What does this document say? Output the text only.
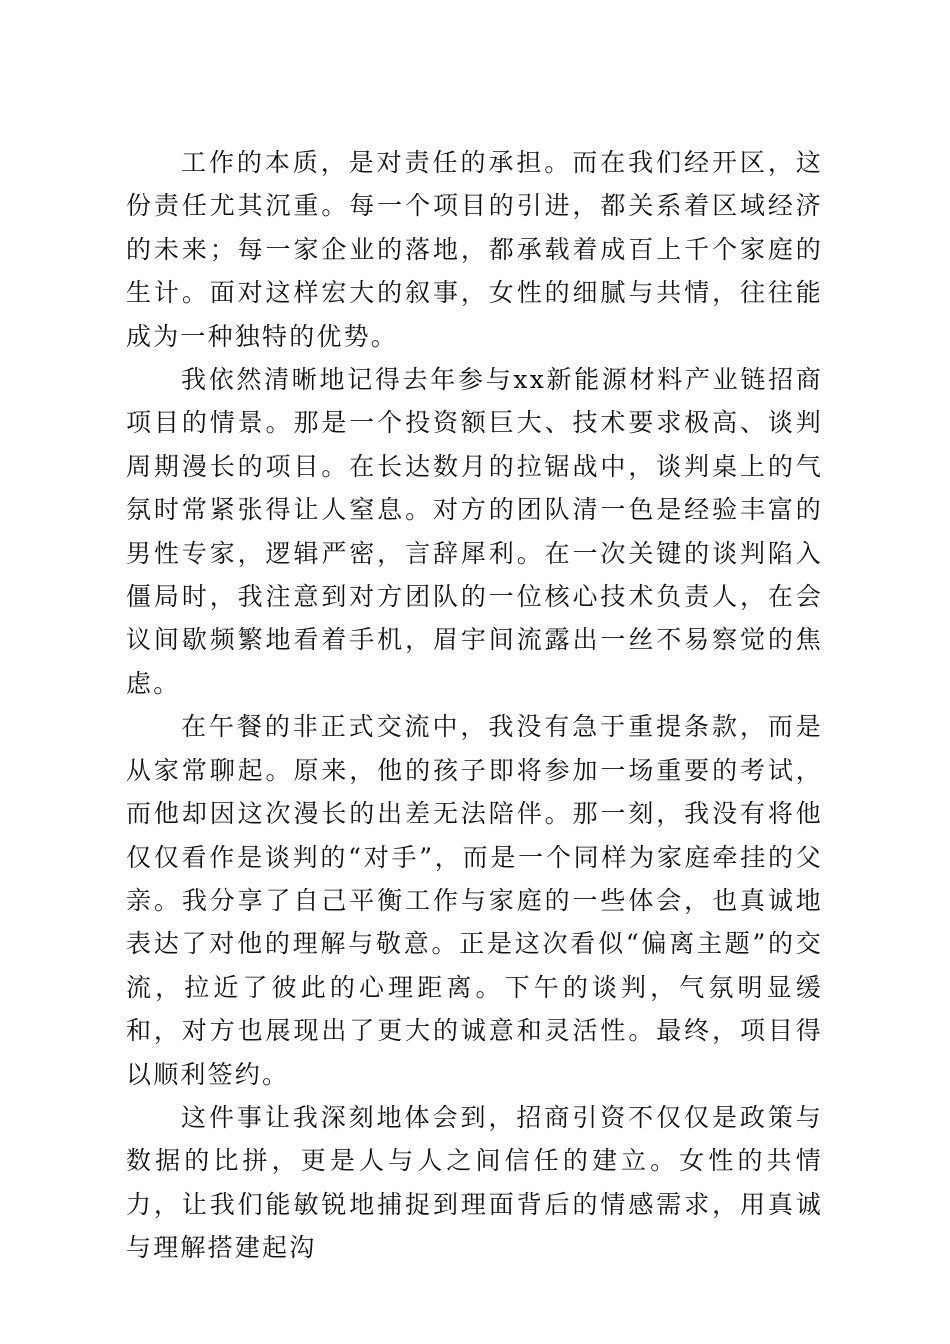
工作的本质，是对责任的承担。而在我们经开区，这份责任尤其沉重。每一个项目的引进，都关系着区域经济的未来；每一家企业的落地，都承载着成百上千个家庭的生计。面对这样宏大的叙事，女性的细腻与共情，往往能成为一种独特的优势。

我依然清晰地记得去年参与xx新能源材料产业链招商项目的情景。那是一个投资额巨大、技术要求极高、谈判周期漫长的项目。在长达数月的拉锯战中，谈判桌上的气氛时常紧张得让人窒息。对方的团队清一色是经验丰富的男性专家，逻辑严密，言辞犀利。在一次关键的谈判陷入僵局时，我注意到对方团队的一位核心技术负责人，在会议间歇频繁地看着手机，眉宇间流露出一丝不易察觉的焦虑。

在午餐的非正式交流中，我没有急于重提条款，而是从家常聊起。原来，他的孩子即将参加一场重要的考试，而他却因这次漫长的出差无法陪伴。那一刻，我没有将他仅仅看作是谈判的“对手”，而是一个同样为家庭牵挂的父亲。我分享了自己平衡工作与家庭的一些体会，也真诚地表达了对他的理解与敬意。正是这次看似“偏离主题”的交流，拉近了彼此的心理距离。下午的谈判，气氛明显缓和，对方也展现出了更大的诚意和灵活性。最终，项目得以顺利签约。

这件事让我深刻地体会到，招商引资不仅仅是政策与数据的比拼，更是人与人之间信任的建立。女性的共情力，让我们能敏锐地捕捉到理面背后的情感需求，用真诚与理解搭建起沟
